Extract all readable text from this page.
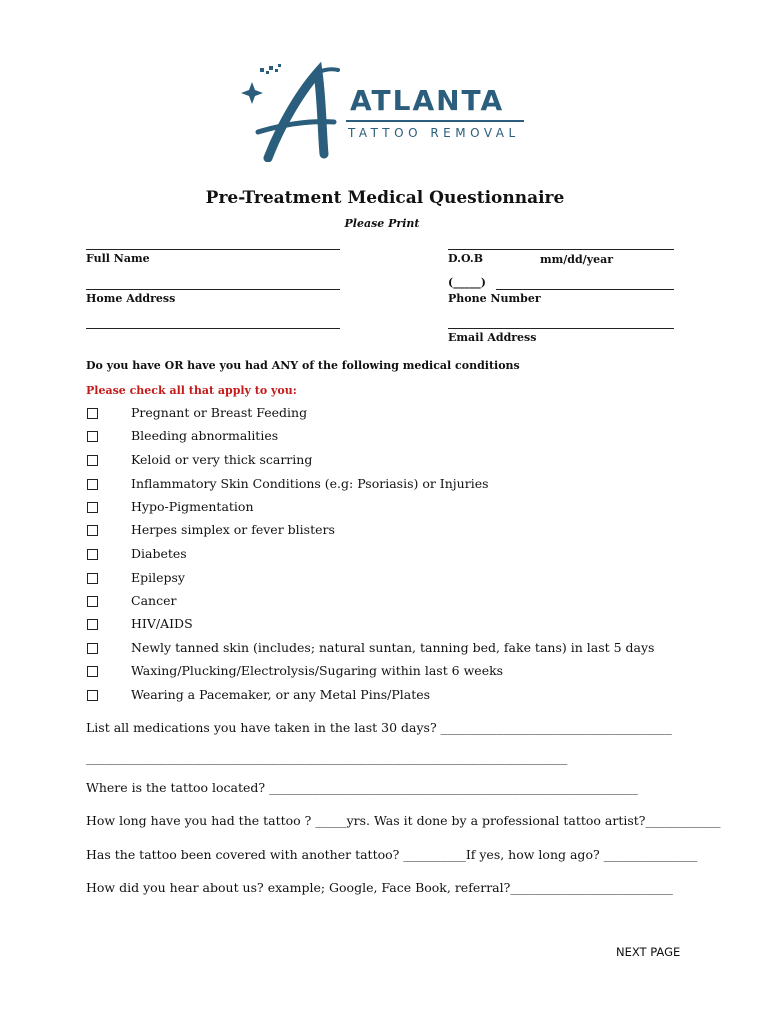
ATLANTA
TATTOO REMOVAL
Pre-Treatment Medical Questionnaire
Please Print
Full Name	D.O.B	mm/dd/year
Home Address
(_____)
Phone Number
Email Address
Do you have OR have you had ANY of the following medical conditions
Please check all that apply to you:
Pregnant or Breast Feeding
Bleeding abnormalities
Keloid or very thick scarring
Inflammatory Skin Conditions (e.g: Psoriasis) or Injuries
Hypo-Pigmentation
Herpes simplex or fever blisters
Diabetes
Epilepsy
Cancer
HIV/AIDS
Newly tanned skin (includes; natural suntan, tanning bed, fake tans) in last 5 days
Waxing/Plucking/Electrolysis/Sugaring within last 6 weeks
Wearing a Pacemaker, or any Metal Pins/Plates
List all medications you have taken in the last 30 days? _____________________________________
_____________________________________________________________________________
Where is the tattoo located? ___________________________________________________________
How long have you had the tattoo ? _____yrs. Was it done by a professional tattoo artist?____________
Has the tattoo been covered with another tattoo? __________If yes, how long ago? _______________
How did you hear about us? example; Google, Face Book, referral?__________________________
NEXT PAGE
